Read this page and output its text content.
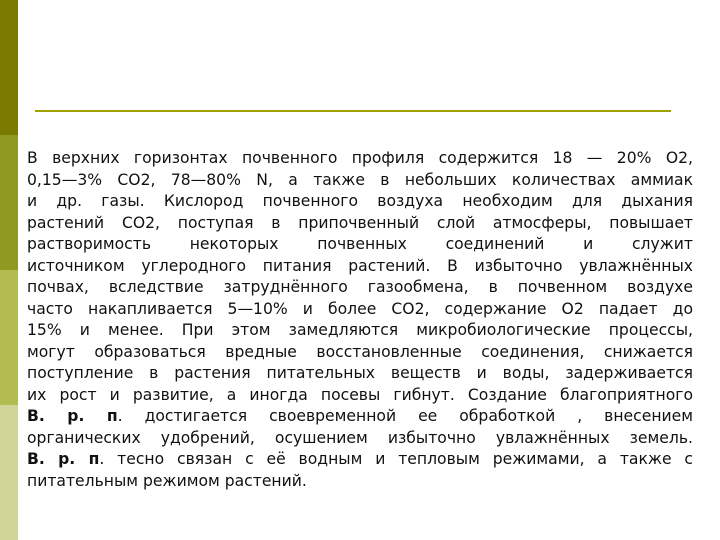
В верхних горизонтах почвенного профиля содержится 18 — 20% O2,
0,15—3% CO2, 78—80% N, а также в небольших количествах аммиак
и др. газы. Кислород почвенного воздуха необходим для дыхания
растений CO2, поступая в припочвенный слой атмосферы, повышает
растворимость некоторых почвенных соединений и служит
источником углеродного питания растений. В избыточно увлажнённых
почвах, вследствие затруднённого газообмена, в почвенном воздухе
часто накапливается 5—10% и более CO2, содержание O2 падает до
15% и менее. При этом замедляются микробиологические процессы,
могут образоваться вредные восстановленные соединения, снижается
поступление в растения питательных веществ и воды, задерживается
их рост и развитие, а иногда посевы гибнут. Создание благоприятного
В. р. п. достигается своевременной ее обработкой , внесением
органических удобрений, осушением избыточно увлажнённых земель.
В. р. п. тесно связан с её водным и тепловым режимами, а также с
питательным режимом растений.
